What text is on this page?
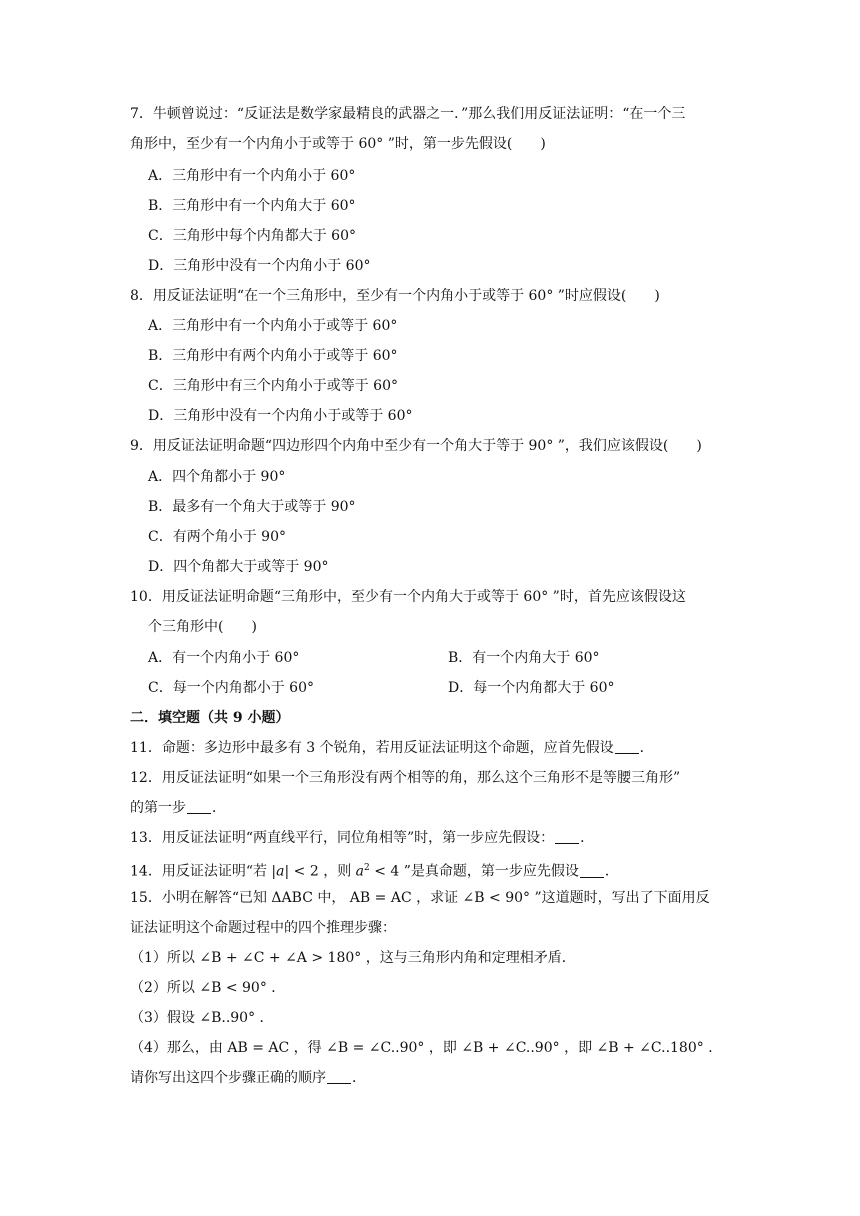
7．牛顿曾说过：“反证法是数学家最精良的武器之一．”那么我们用反证法证明：“在一个三
角形中，至少有一个内角小于或等于 60° ”时，第一步先假设(　　)
A．三角形中有一个内角小于 60°
B．三角形中有一个内角大于 60°
C．三角形中每个内角都大于 60°
D．三角形中没有一个内角小于 60°
8．用反证法证明“在一个三角形中，至少有一个内角小于或等于 60° ”时应假设(　　)
A．三角形中有一个内角小于或等于 60°
B．三角形中有两个内角小于或等于 60°
C．三角形中有三个内角小于或等于 60°
D．三角形中没有一个内角小于或等于 60°
9．用反证法证明命题“四边形四个内角中至少有一个角大于等于 90° ”，我们应该假设(　　)
A．四个角都小于 90°
B．最多有一个角大于或等于 90°
C．有两个角小于 90°
D．四个角都大于或等于 90°
10．用反证法证明命题“三角形中，至少有一个内角大于或等于 60° ”时，首先应该假设这
个三角形中(　　)
A．有一个内角小于 60°	B．有一个内角大于 60°
C．每一个内角都小于 60°	D．每一个内角都大于 60°
二．填空题（共 9 小题）
11．命题：多边形中最多有 3 个锐角，若用反证法证明这个命题，应首先假设 ．
12．用反证法证明“如果一个三角形没有两个相等的角，那么这个三角形不是等腰三角形”
的第一步 ．
13．用反证法证明“两直线平行，同位角相等”时，第一步应先假设： ．
14．用反证法证明“若 |a| < 2 ，则 $a^2 < 4$ ”是真命题，第一步应先假设 ．
15．小明在解答“已知 ΔABC 中， AB = AC ，求证 ∠B < 90° ”这道题时，写出了下面用反
证法证明这个命题过程中的四个推理步骤：
（1）所以 ∠B + ∠C + ∠A > 180° ，这与三角形内角和定理相矛盾．
（2）所以 ∠B < 90° ．
（3）假设 ∠B..90° ．
（4）那么，由 AB = AC ，得 ∠B = ∠C..90° ，即 ∠B + ∠C..90° ，即 ∠B + ∠C..180° ．
请你写出这四个步骤正确的顺序 ．
